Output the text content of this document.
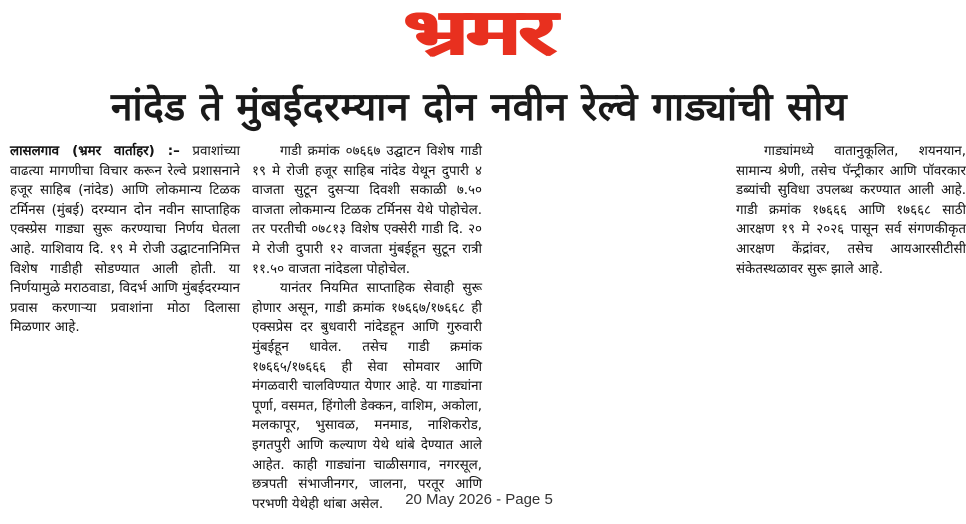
भ्रमर
नांदेड ते मुंबईदरम्यान दोन नवीन रेल्वे गाड्यांची सोय

लासलगाव (भ्रमर वार्ताहर) :– प्रवाशांच्या वाढत्या मागणीचा विचार करून रेल्वे प्रशासनाने हजूर साहिब (नांदेड) आणि लोकमान्य टिळक टर्मिनस (मुंबई) दरम्यान दोन नवीन साप्ताहिक एक्स्प्रेस गाड्या सुरू करण्याचा निर्णय घेतला आहे. याशिवाय दि. १९ मे रोजी उद्घाटनानिमित्त विशेष गाडीही सोडण्यात आली होती. या निर्णयामुळे मराठवाडा, विदर्भ आणि मुंबईदरम्यान प्रवास करणाऱ्या प्रवाशांना मोठा दिलासा मिळणार आहे.

गाडी क्रमांक ०७६६७ उद्घाटन विशेष गाडी १९ मे रोजी हजूर साहिब नांदेड येथून दुपारी ४ वाजता सुटून दुसऱ्या दिवशी सकाळी ७.५० वाजता लोकमान्य टिळक टर्मिनस येथे पोहोचेल. तर परतीची ०७८१३ विशेष एक्सेरी गाडी दि. २० मे रोजी दुपारी १२ वाजता मुंबईहून सुटून रात्री ११.५० वाजता नांदेडला पोहोचेल.

यानंतर नियमित साप्ताहिक सेवाही सुरू होणार असून, गाडी क्रमांक १७६६७/१७६६८ ही एक्सप्रेस दर बुधवारी नांदेडहून आणि गुरुवारी मुंबईहून धावेल. तसेच गाडी क्रमांक १७६६५/१७६६६ ही सेवा सोमवार आणि मंगळवारी चालविण्यात येणार आहे. या गाड्यांना पूर्णा, वसमत, हिंगोली डेक्कन, वाशिम, अकोला, मलकापूर, भुसावळ, मनमाड, नाशिकरोड, इगतपुरी आणि कल्याण येथे थांबे देण्यात आले आहेत. काही गाड्यांना चाळीसगाव, नगरसूल, छत्रपती संभाजीनगर, जालना, परतूर आणि परभणी येथेही थांबा असेल.

गाड्यांमध्ये वातानुकूलित, शयनयान, सामान्य श्रेणी, तसेच पॅन्ट्रीकार आणि पॉवरकार डब्यांची सुविधा उपलब्ध करण्यात आली आहे. गाडी क्रमांक १७६६६ आणि १७६६८ साठी आरक्षण १९ मे २०२६ पासून सर्व संगणकीकृत आरक्षण केंद्रांवर, तसेच आयआरसीटीसी संकेतस्थळावर सुरू झाले आहे.

20 May 2026 - Page 5
